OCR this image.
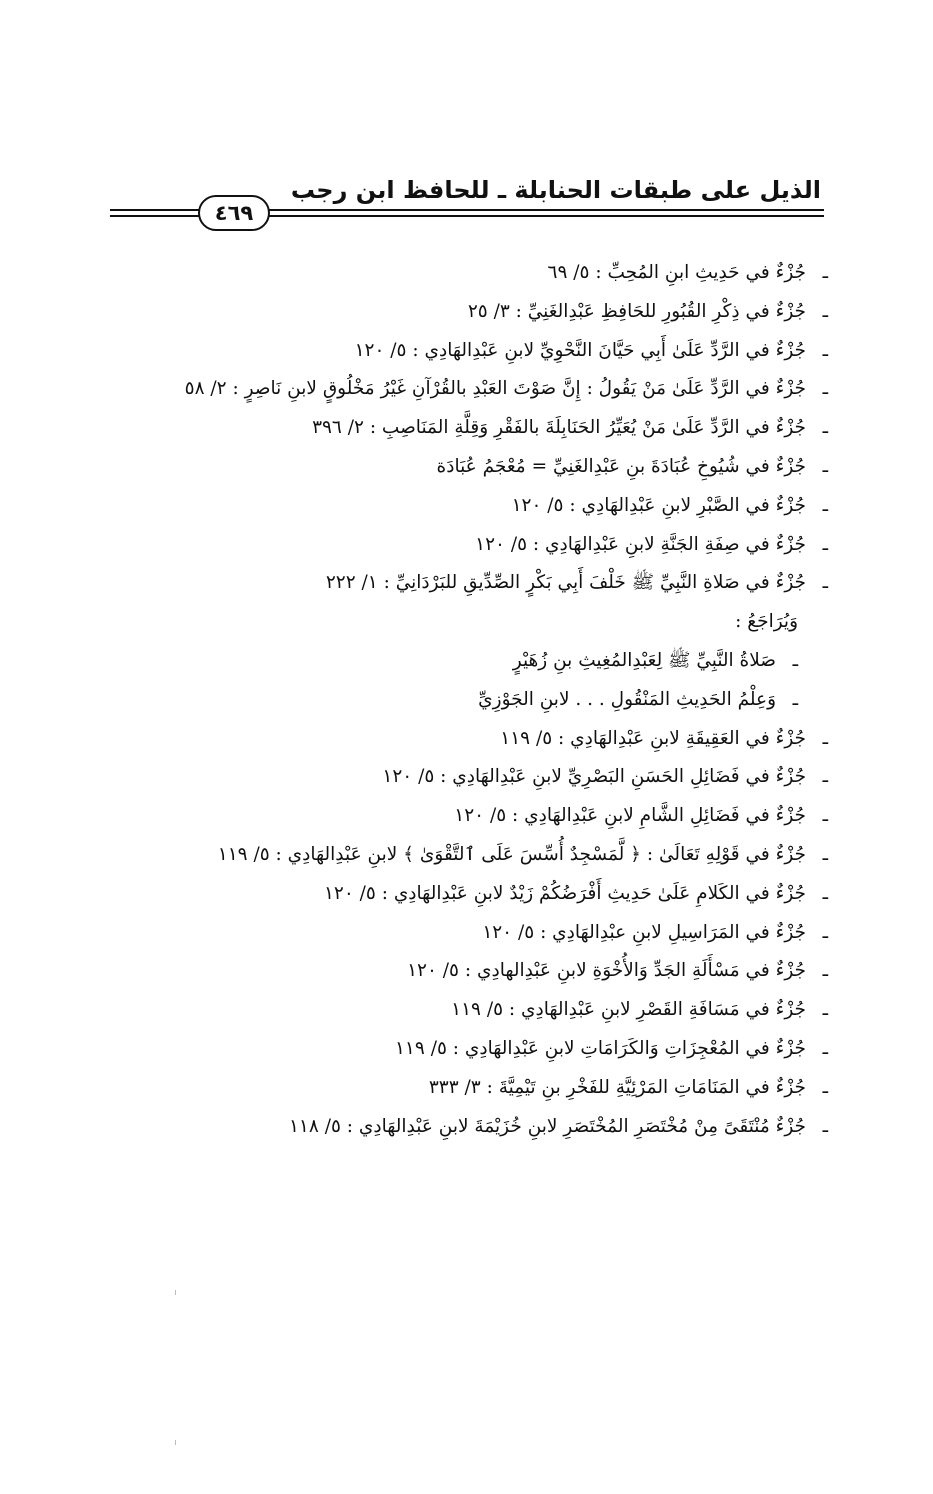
الذيل على طبقات الحنابلة ـ للحافظ ابن رجب
٤٦٩
ـجُزْءٌ في حَدِيثِ ابنِ المُحِبِّ : ٥/ ٦٩
ـجُزْءٌ في ذِكْرِ القُبُورِ للحَافِظِ عَبْدِالغَنِيِّ : ٣/ ٢٥
ـجُزْءٌ في الرَّدِّ عَلَىٰ أَبِي حَيَّانَ النَّحْوِيِّ لابنِ عَبْدِالهَادِي : ٥/ ١٢٠
ـجُزْءٌ في الرَّدِّ عَلَىٰ مَنْ يَقُولُ : إِنَّ صَوْتَ العَبْدِ بالقُرْآنِ غَيْرُ مَخْلُوقٍ لابنِ نَاصِرٍ : ٢/ ٥٨
ـجُزْءٌ في الرَّدِّ عَلَىٰ مَنْ يُعَيِّرُ الحَنَابِلَةَ بالفَقْرِ وَقِلَّةِ المَنَاصِبِ : ٢/ ٣٩٦
ـجُزْءٌ في شُيُوخِ عُبَادَةَ بنِ عَبْدِالغَنِيِّ = مُعْجَمُ عُبَادَة
ـجُزْءٌ في الصَّبْرِ لابنِ عَبْدِالهَادِي : ٥/ ١٢٠
ـجُزْءٌ في صِفَةِ الجَنَّةِ لابنِ عَبْدِالهَادِي : ٥/ ١٢٠
ـجُزْءٌ في صَلاةِ النَّبِيِّ ﷺ خَلْفَ أَبِي بَكْرٍ الصِّدِّيقِ للبَرْدَانِيِّ : ١/ ٢٢٢
وَيُرَاجَعُ :
ـصَلاةُ النَّبِيِّ ﷺ لِعَبْدِالمُغِيثِ بنِ زُهَيْرٍ
ـوَعِلْمُ الحَدِيثِ المَنْقُولِ . . . لابنِ الجَوْزِيِّ
ـجُزْءٌ في العَقِيقَةِ لابنِ عَبْدِالهَادِي : ٥/ ١١٩
ـجُزْءٌ في فَضَائِلِ الحَسَنِ البَصْرِيِّ لابنِ عَبْدِالهَادِي : ٥/ ١٢٠
ـجُزْءٌ في فَضَائِلِ الشَّامِ لابنِ عَبْدِالهَادِي : ٥/ ١٢٠
ـجُزْءٌ في قَوْلِهِ تَعَالَىٰ : ﴿ لَّمَسْجِدٌ أُسِّسَ عَلَى ٱلتَّقْوَىٰ ﴾ لابنِ عَبْدِالهَادِي : ٥/ ١١٩
ـجُزْءٌ في الكَلامِ عَلَىٰ حَدِيثِ أَفْرَضُكُمْ زَيْدٌ لابنِ عَبْدِالهَادِي : ٥/ ١٢٠
ـجُزْءٌ في المَرَاسِيلِ لابنِ عبْدِالهَادِي : ٥/ ١٢٠
ـجُزْءٌ في مَسْأَلَةِ الجَدِّ وَالأُخْوَةِ لابنِ عَبْدِالهادِي : ٥/ ١٢٠
ـجُزْءٌ في مَسَافَةِ القَصْرِ لابنِ عَبْدِالهَادِي : ٥/ ١١٩
ـجُزْءٌ في المُعْجِزَاتِ وَالكَرَامَاتِ لابنِ عَبْدِالهَادِي : ٥/ ١١٩
ـجُزْءٌ في المَنَامَاتِ المَرْئِيَّةِ للفَخْرِ بنِ تَيْمِيَّةَ : ٣/ ٣٣٣
ـجُزْءٌ مُنْتَقَىً مِنْ مُخْتَصَرِ المُخْتَصَرِ لابنِ خُزَيْمَةَ لابنِ عَبْدِالهَادِي : ٥/ ١١٨
